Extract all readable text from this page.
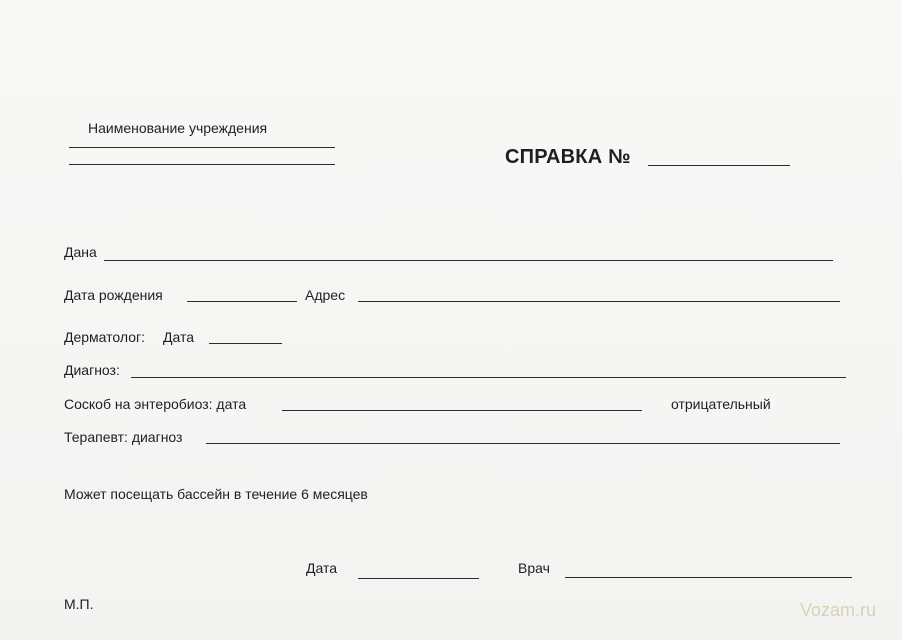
Наименование учреждения
СПРАВКА №
Дана
Дата рождения	Адрес
Дерматолог: Дата
Диагноз:
Соскоб на энтеробиоз: дата	отрицательный
Терапевт: диагноз
Может посещать бассейн в течение 6 месяцев
Дата	Врач
М.П.	Vozam.ru
